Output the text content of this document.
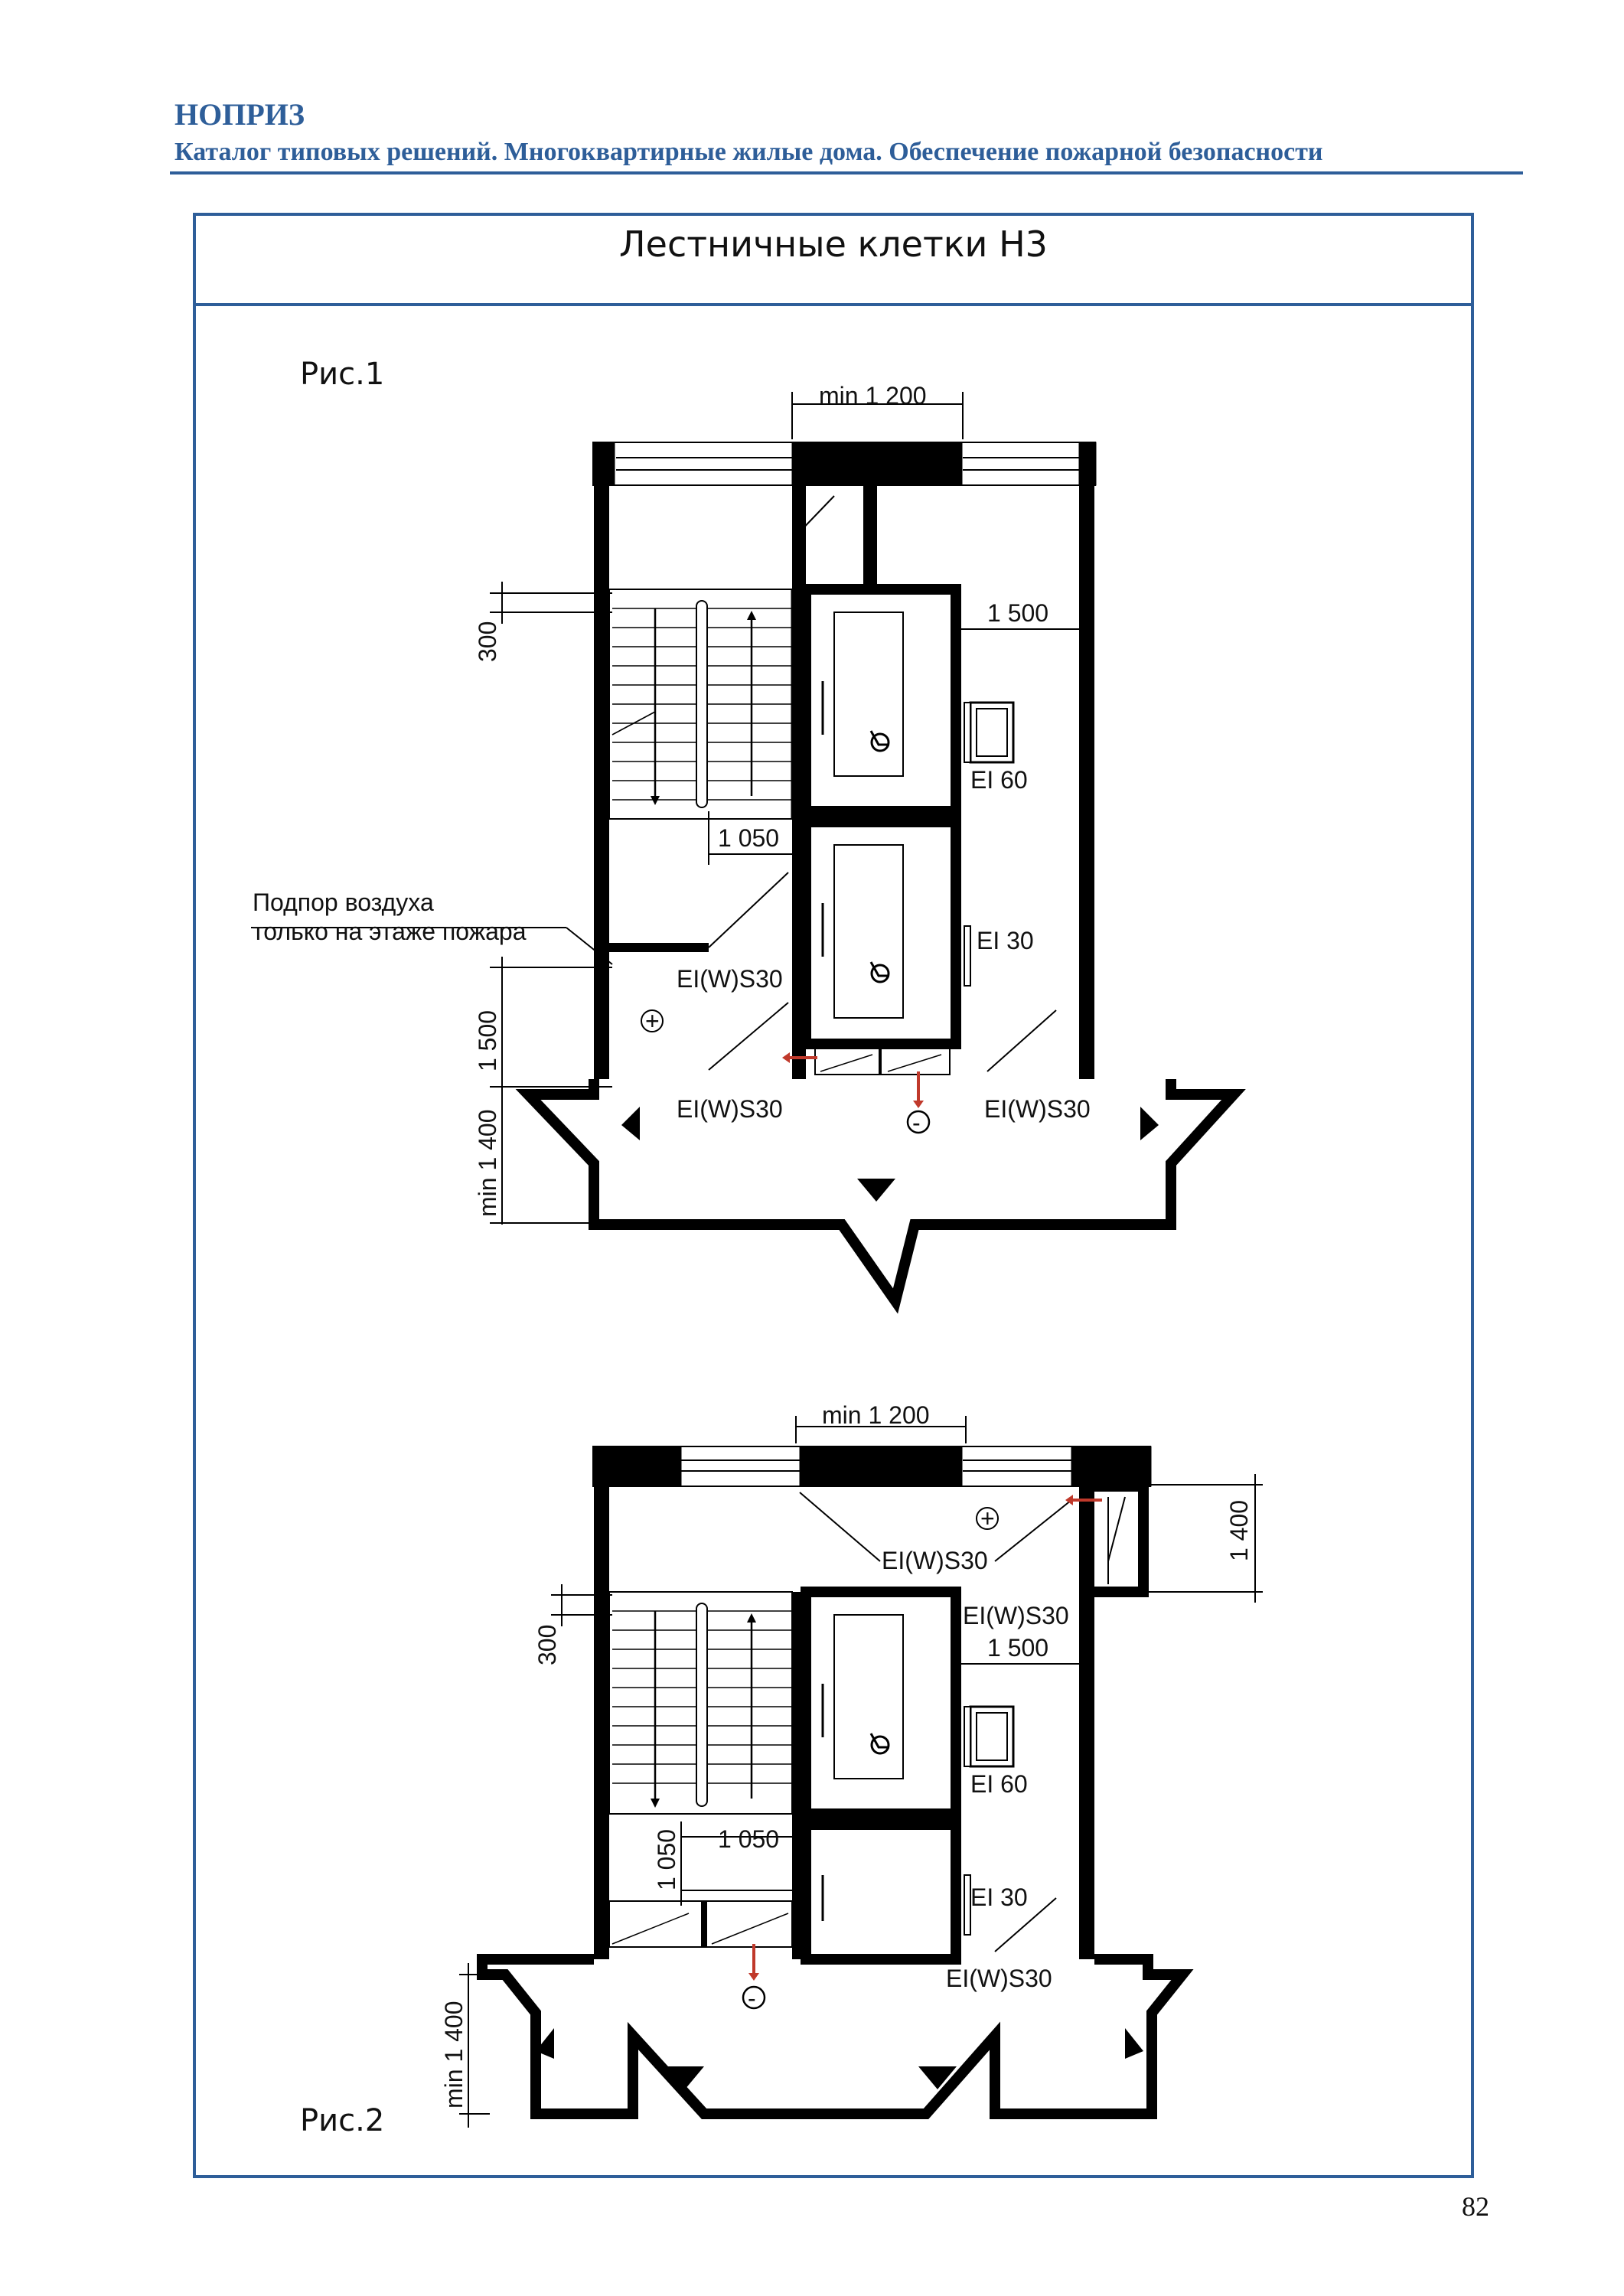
НОПРИЗ
Каталог типовых решений. Многоквартирные жилые дома. Обеспечение пожарной безопасности
Лестничные клетки Н3
Рис.1
Рис.2
82
min 1 200
1 500
1 050
EI 60
EI 30
EI(W)S30
EI(W)S30	EI(W)S30
Подпор воздуха
только на этаже пожара
+
-
300
1 500
min 1 400
min 1 200
1 400
300	1 500
1 050 1 050
min 1 400
EI 60
EI 30
EI(W)S30
EI(W)S30
EI(W)S30
+
-
